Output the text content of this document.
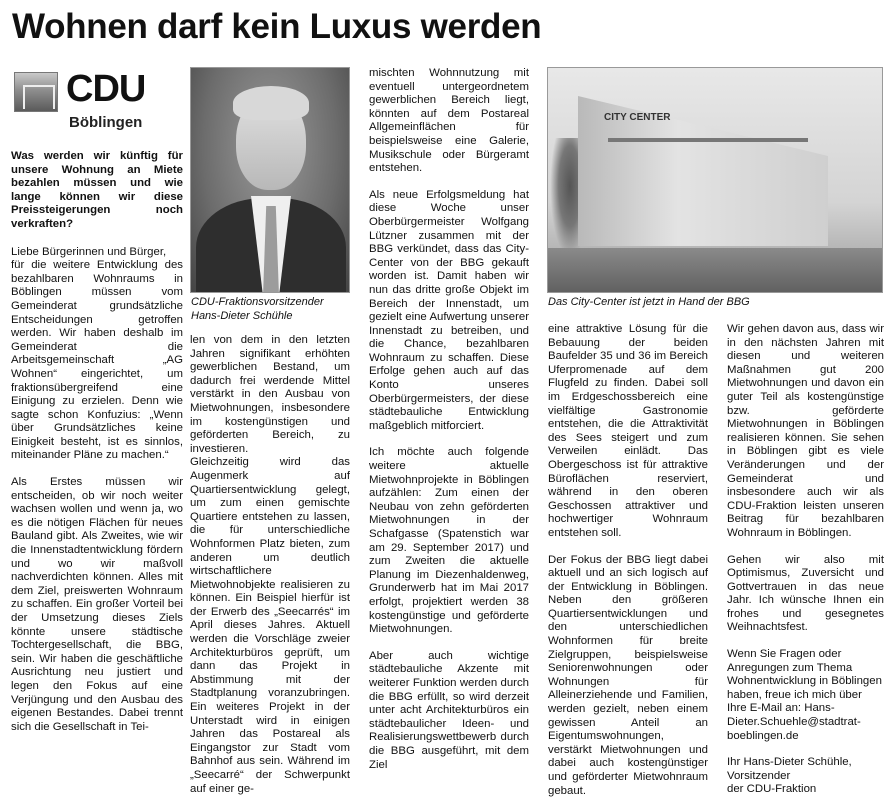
Wohnen darf kein Luxus werden
CDU
Böblingen

Was werden wir künftig für unsere Wohnung an Miete bezahlen müssen und wie lange können wir diese Preissteigerungen noch verkraften?

Liebe Bürgerinnen und Bürger,

für die weitere Entwicklung des bezahlbaren Wohnraums in Böblingen müssen vom Gemeinderat grundsätzliche Entscheidungen getroffen werden. Wir haben deshalb im Gemeinderat die Arbeitsgemeinschaft „AG Wohnen“ eingerichtet, um fraktionsübergreifend eine Einigung zu erzielen. Denn wie sagte schon Konfuzius: „Wenn über Grundsätzliches keine Einigkeit besteht, ist es sinnlos, miteinander Pläne zu machen.“

Als Erstes müssen wir entscheiden, ob wir noch weiter wachsen wollen und wenn ja, wo es die nötigen Flächen für neues Bauland gibt. Als Zweites, wie wir die Innenstadtentwicklung fördern und wo wir maßvoll nachverdichten können. Alles mit dem Ziel, preiswerten Wohnraum zu schaffen. Ein großer Vorteil bei der Umsetzung dieses Ziels könnte unsere städtische Tochtergesellschaft, die BBG, sein. Wir haben die geschäftliche Ausrichtung neu justiert und legen den Fokus auf eine Verjüngung und den Ausbau des eigenen Bestandes. Dabei trennt sich die Gesellschaft in Tei-

CDU-Fraktionsvorsitzender Hans-Dieter Schühle

len von dem in den letzten Jahren signifikant erhöhten gewerblichen Bestand, um dadurch frei werdende Mittel verstärkt in den Ausbau von Mietwohnungen, insbesondere im kostengünstigen und geförderten Bereich, zu investieren.

Gleichzeitig wird das Augenmerk auf Quartiersentwicklung gelegt, um zum einen gemischte Quartiere entstehen zu lassen, die für unterschiedliche Wohnformen Platz bieten, zum anderen um deutlich wirtschaftlichere Mietwohnobjekte realisieren zu können. Ein Beispiel hierfür ist der Erwerb des „Seecarrés“ im April dieses Jahres. Aktuell werden die Vorschläge zweier Architekturbüros geprüft, um dann das Projekt in Abstimmung mit der Stadtplanung voranzubringen. Ein weiteres Projekt in der Unterstadt wird in einigen Jahren das Postareal als Eingangstor zur Stadt vom Bahnhof aus sein. Während im „Seecarré“ der Schwerpunkt auf einer ge-

mischten Wohnnutzung mit eventuell untergeordnetem gewerblichen Bereich liegt, könnten auf dem Postareal Allgemeinflächen für beispielsweise eine Galerie, Musikschule oder Bürgeramt entstehen.

Als neue Erfolgsmeldung hat diese Woche unser Oberbürgermeister Wolfgang Lützner zusammen mit der BBG verkündet, dass das City-Center von der BBG gekauft worden ist. Damit haben wir nun das dritte große Objekt im Bereich der Innenstadt, um gezielt eine Aufwertung unserer Innenstadt zu betreiben, und die Chance, bezahlbaren Wohnraum zu schaffen. Diese Erfolge gehen auch auf das Konto unseres Oberbürgermeisters, der diese städtebauliche Entwicklung maßgeblich mitforciert.

Ich möchte auch folgende weitere aktuelle Mietwohnprojekte in Böblingen aufzählen: Zum einen der Neubau von zehn geförderten Mietwohnungen in der Schafgasse (Spatenstich war am 29. September 2017) und zum Zweiten die aktuelle Planung im Diezenhaldenweg, Grunderwerb hat im Mai 2017 erfolgt, projektiert werden 38 kostengünstige und geförderte Mietwohnungen.

Aber auch wichtige städtebauliche Akzente mit weiterer Funktion werden durch die BBG erfüllt, so wird derzeit unter acht Architekturbüros ein städtebaulicher Ideen- und Realisierungswettbewerb durch die BBG ausgeführt, mit dem Ziel

CITY CENTER
Das City-Center ist jetzt in Hand der BBG

eine attraktive Lösung für die Bebauung der beiden Baufelder 35 und 36 im Bereich Uferpromenade auf dem Flugfeld zu finden. Dabei soll im Erdgeschossbereich eine vielfältige Gastronomie entstehen, die die Attraktivität des Sees steigert und zum Verweilen einlädt. Das Obergeschoss ist für attraktive Büroflächen reserviert, während in den oberen Geschossen attraktiver und hochwertiger Wohnraum entstehen soll.

Der Fokus der BBG liegt dabei aktuell und an sich logisch auf der Entwicklung in Böblingen. Neben den größeren Quartiersentwicklungen und den unterschiedlichen Wohnformen für breite Zielgruppen, beispielsweise Seniorenwohnungen oder Wohnungen für Alleinerziehende und Familien, werden gezielt, neben einem gewissen Anteil an Eigentumswohnungen, verstärkt Mietwohnungen und dabei auch kostengünstiger und geförderter Mietwohnraum gebaut.

Wir gehen davon aus, dass wir in den nächsten Jahren mit diesen und weiteren Maßnahmen gut 200 Mietwohnungen und davon ein guter Teil als kostengünstige bzw. geförderte Mietwohnungen in Böblingen realisieren können. Sie sehen in Böblingen gibt es viele Veränderungen und der Gemeinderat und insbesondere auch wir als CDU-Fraktion leisten unseren Beitrag für bezahlbaren Wohnraum in Böblingen.

Gehen wir also mit Optimismus, Zuversicht und Gottvertrauen in das neue Jahr. Ich wünsche Ihnen ein frohes und gesegnetes Weihnachtsfest.

Wenn Sie Fragen oder Anregungen zum Thema Wohnentwicklung in Böblingen haben, freue ich mich über Ihre E-Mail an: Hans-Dieter.Schuehle@stadtrat-boeblingen.de

Ihr Hans-Dieter Schühle,
Vorsitzender
der CDU-Fraktion
